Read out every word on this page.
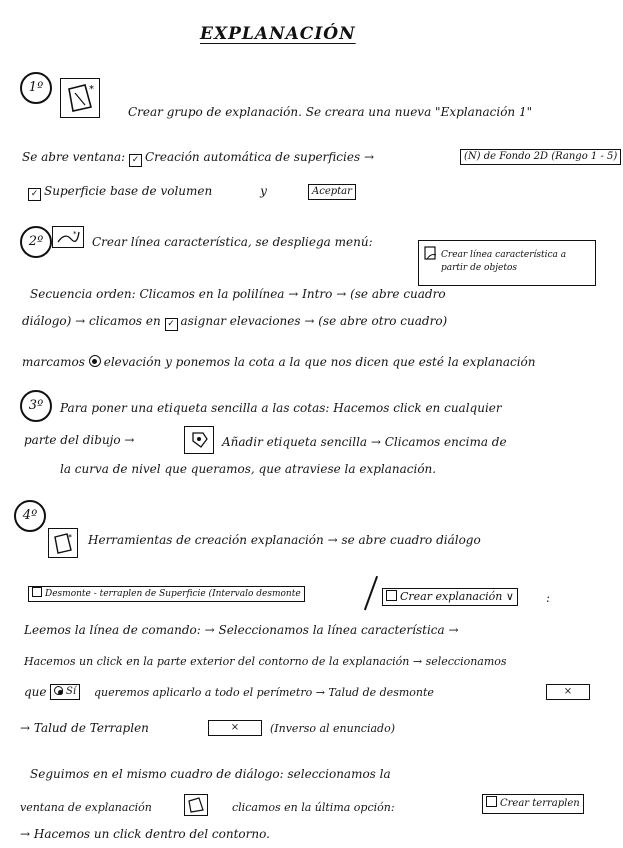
EXPLANACIÓN
1º	*
Crear grupo de explanación. Se creara una nueva "Explanación 1"
Se abre ventana: ✓ Creación automática de superficies →	(N) de Fondo 2D (Rango 1 - 5)
✓ Superficie base de volumen	y	Aceptar
2º	*
Crear línea característica, se despliega menú:
Crear línea característica a partir de objetos
Secuencia orden: Clicamos en la polilínea → Intro → (se abre cuadro
diálogo) → clicamos en ✓ asignar elevaciones → (se abre otro cuadro)
marcamos elevación y ponemos la cota a la que nos dicen que esté la explanación
3º	Para poner una etiqueta sencilla a las cotas: Hacemos click en cualquier
parte del dibujo →	Añadir etiqueta sencilla → Clicamos encima de
la curva de nivel que queramos, que atraviese la explanación.
4º
* Herramientas de creación explanación → se abre cuadro diálogo
Desmonte - terraplen de Superficie (Intervalo desmonte	Crear explanación ∨	:
Leemos la línea de comando: → Seleccionamos la línea característica →
Hacemos un click en la parte exterior del contorno de la explanación → seleccionamos
que	Sí	queremos aplicarlo a todo el perímetro → Talud de desmonte	×
→ Talud de Terraplen	×	(Inverso al enunciado)
Seguimos en el mismo cuadro de diálogo: seleccionamos la
ventana de explanación	clicamos en la última opción:	Crear terraplen
→ Hacemos un click dentro del contorno.
